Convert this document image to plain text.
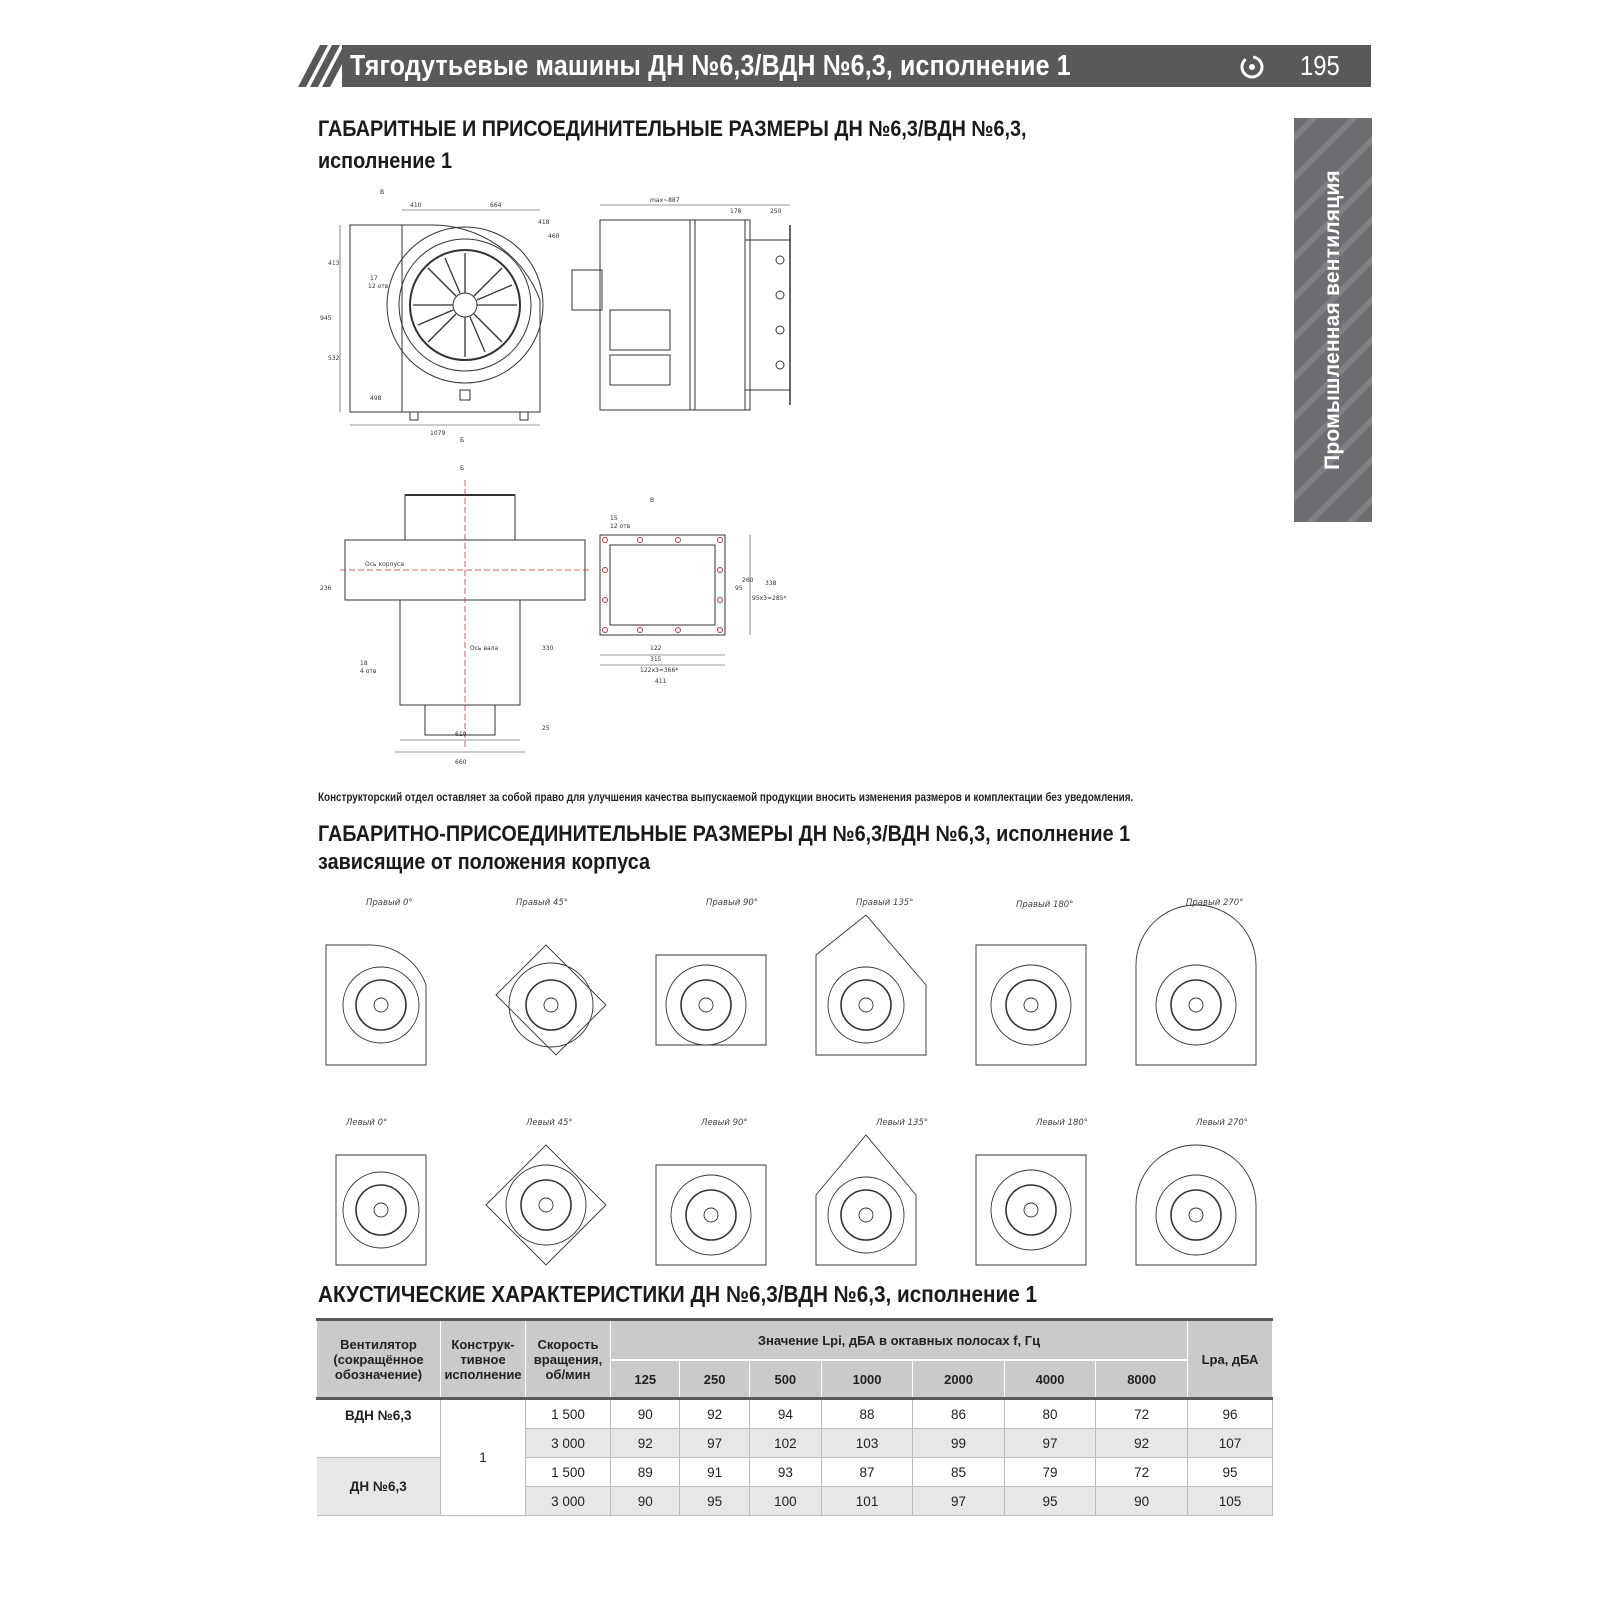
Тягодутьевые машины ДН №6,3/ВДН №6,3, исполнение 1	195
Промышленная вентиляция
ГАБАРИТНЫЕ И ПРИСОЕДИНИТЕЛЬНЫЕ РАЗМЕРЫ ДН №6,3/ВДН №6,3,
исполнение 1
В
Б
Б
В
Ось корпуса
Ось вала
410	664
945
413
532
1079
418
460
498
17
12 отв
max~887
178	250
236
18
4 отв
330
610
660
25
15
12 отв
122
315
122х3=366*
411
95
260
95х3=285*
338
Конструкторский отдел оставляет за собой право для улучшения качества выпускаемой продукции вносить изменения размеров и комплектации без уведомления.
ГАБАРИТНО-ПРИСОЕДИНИТЕЛЬНЫЕ РАЗМЕРЫ ДН №6,3/ВДН №6,3, исполнение 1
зависящие от положения корпуса
Правый 0°	Правый 45°	Правый 90°	Правый 135°	Правый 180°	Правый 270°
Левый 0°	Левый 45°	Левый 90°	Левый 135°	Левый 180°	Левый 270°
АКУСТИЧЕСКИЕ ХАРАКТЕРИСТИКИ ДН №6,3/ВДН №6,3, исполнение 1
Вентилятор (сокращённое обозначение)	Конструк-тивное исполнение	Скорость вращения, об/мин	Значение Lpi, дБА в октавных полосах f, Гц							Lpa, дБА
			125	250	500	1000	2000	4000	8000	
ВДН №6,3	1	1 500	90	92	94	88	86	80	72	96
		3 000	92	97	102	103	99	97	92	107
ДН №6,3		1 500	89	91	93	87	85	79	72	95
		3 000	90	95	100	101	97	95	90	105
